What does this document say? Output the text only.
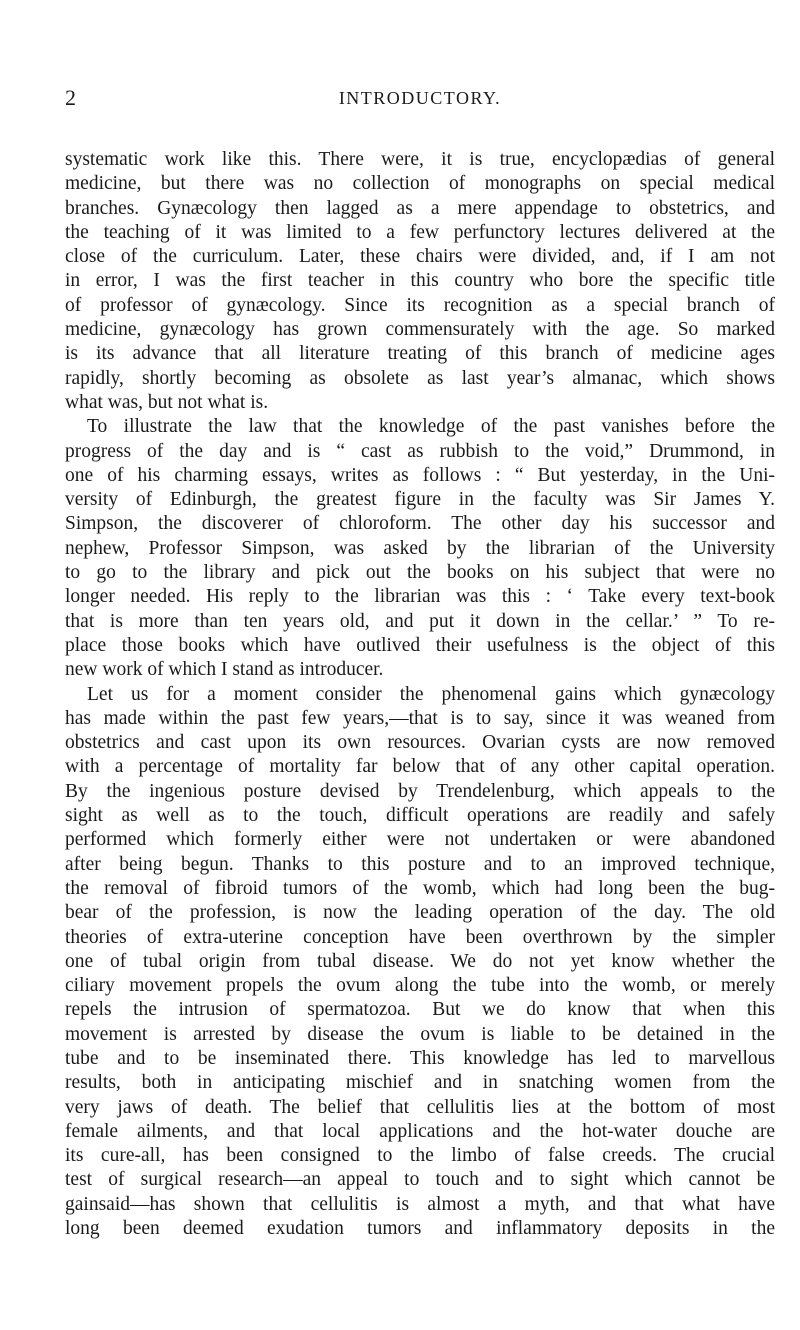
2	INTRODUCTORY.
systematic work like this. There were, it is true, encyclopædias of general
medicine, but there was no collection of monographs on special medical
branches. Gynæcology then lagged as a mere appendage to obstetrics, and
the teaching of it was limited to a few perfunctory lectures delivered at the
close of the curriculum. Later, these chairs were divided, and, if I am not
in error, I was the first teacher in this country who bore the specific title
of professor of gynæcology. Since its recognition as a special branch of
medicine, gynæcology has grown commensurately with the age. So marked
is its advance that all literature treating of this branch of medicine ages
rapidly, shortly becoming as obsolete as last year’s almanac, which shows
what was, but not what is.
To illustrate the law that the knowledge of the past vanishes before the
progress of the day and is “ cast as rubbish to the void,” Drummond, in
one of his charming essays, writes as follows : “ But yesterday, in the Uni-
versity of Edinburgh, the greatest figure in the faculty was Sir James Y.
Simpson, the discoverer of chloroform. The other day his successor and
nephew, Professor Simpson, was asked by the librarian of the University
to go to the library and pick out the books on his subject that were no
longer needed. His reply to the librarian was this : ‘ Take every text-book
that is more than ten years old, and put it down in the cellar.’ ” To re-
place those books which have outlived their usefulness is the object of this
new work of which I stand as introducer.
Let us for a moment consider the phenomenal gains which gynæcology
has made within the past few years,—that is to say, since it was weaned from
obstetrics and cast upon its own resources. Ovarian cysts are now removed
with a percentage of mortality far below that of any other capital operation.
By the ingenious posture devised by Trendelenburg, which appeals to the
sight as well as to the touch, difficult operations are readily and safely
performed which formerly either were not undertaken or were abandoned
after being begun. Thanks to this posture and to an improved technique,
the removal of fibroid tumors of the womb, which had long been the bug-
bear of the profession, is now the leading operation of the day. The old
theories of extra-uterine conception have been overthrown by the simpler
one of tubal origin from tubal disease. We do not yet know whether the
ciliary movement propels the ovum along the tube into the womb, or merely
repels the intrusion of spermatozoa. But we do know that when this
movement is arrested by disease the ovum is liable to be detained in the
tube and to be inseminated there. This knowledge has led to marvellous
results, both in anticipating mischief and in snatching women from the
very jaws of death. The belief that cellulitis lies at the bottom of most
female ailments, and that local applications and the hot-water douche are
its cure-all, has been consigned to the limbo of false creeds. The crucial
test of surgical research—an appeal to touch and to sight which cannot be
gainsaid—has shown that cellulitis is almost a myth, and that what have
long been deemed exudation tumors and inflammatory deposits in the
